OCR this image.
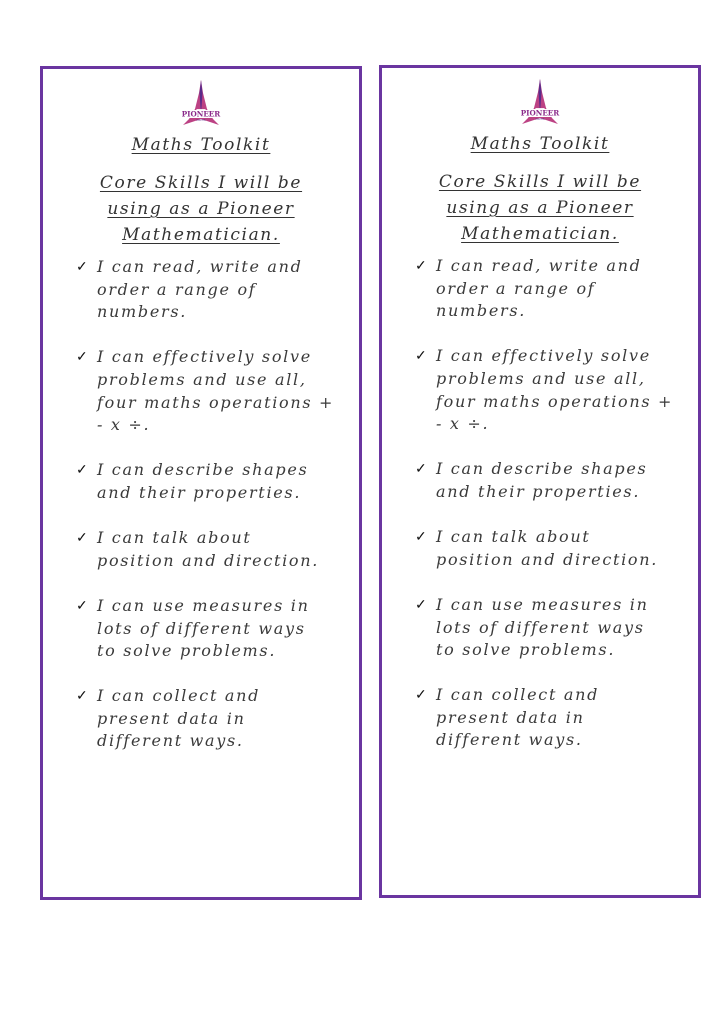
PIONEER
MATHS
Maths Toolkit
Core Skills I will be
using as a Pioneer
Mathematician.

✓ I can read, write and
order a range of
numbers.
✓ I can effectively solve
problems and use all,
four maths operations +
- x ÷.
✓ I can describe shapes
and their properties.
✓ I can talk about
position and direction.
✓ I can use measures in
lots of different ways
to solve problems.
✓ I can collect and
present data in
different ways.
PIONEER
MATHS
Maths Toolkit
Core Skills I will be
using as a Pioneer
Mathematician.

✓ I can read, write and
order a range of
numbers.
✓ I can effectively solve
problems and use all,
four maths operations +
- x ÷.
✓ I can describe shapes
and their properties.
✓ I can talk about
position and direction.
✓ I can use measures in
lots of different ways
to solve problems.
✓ I can collect and
present data in
different ways.
